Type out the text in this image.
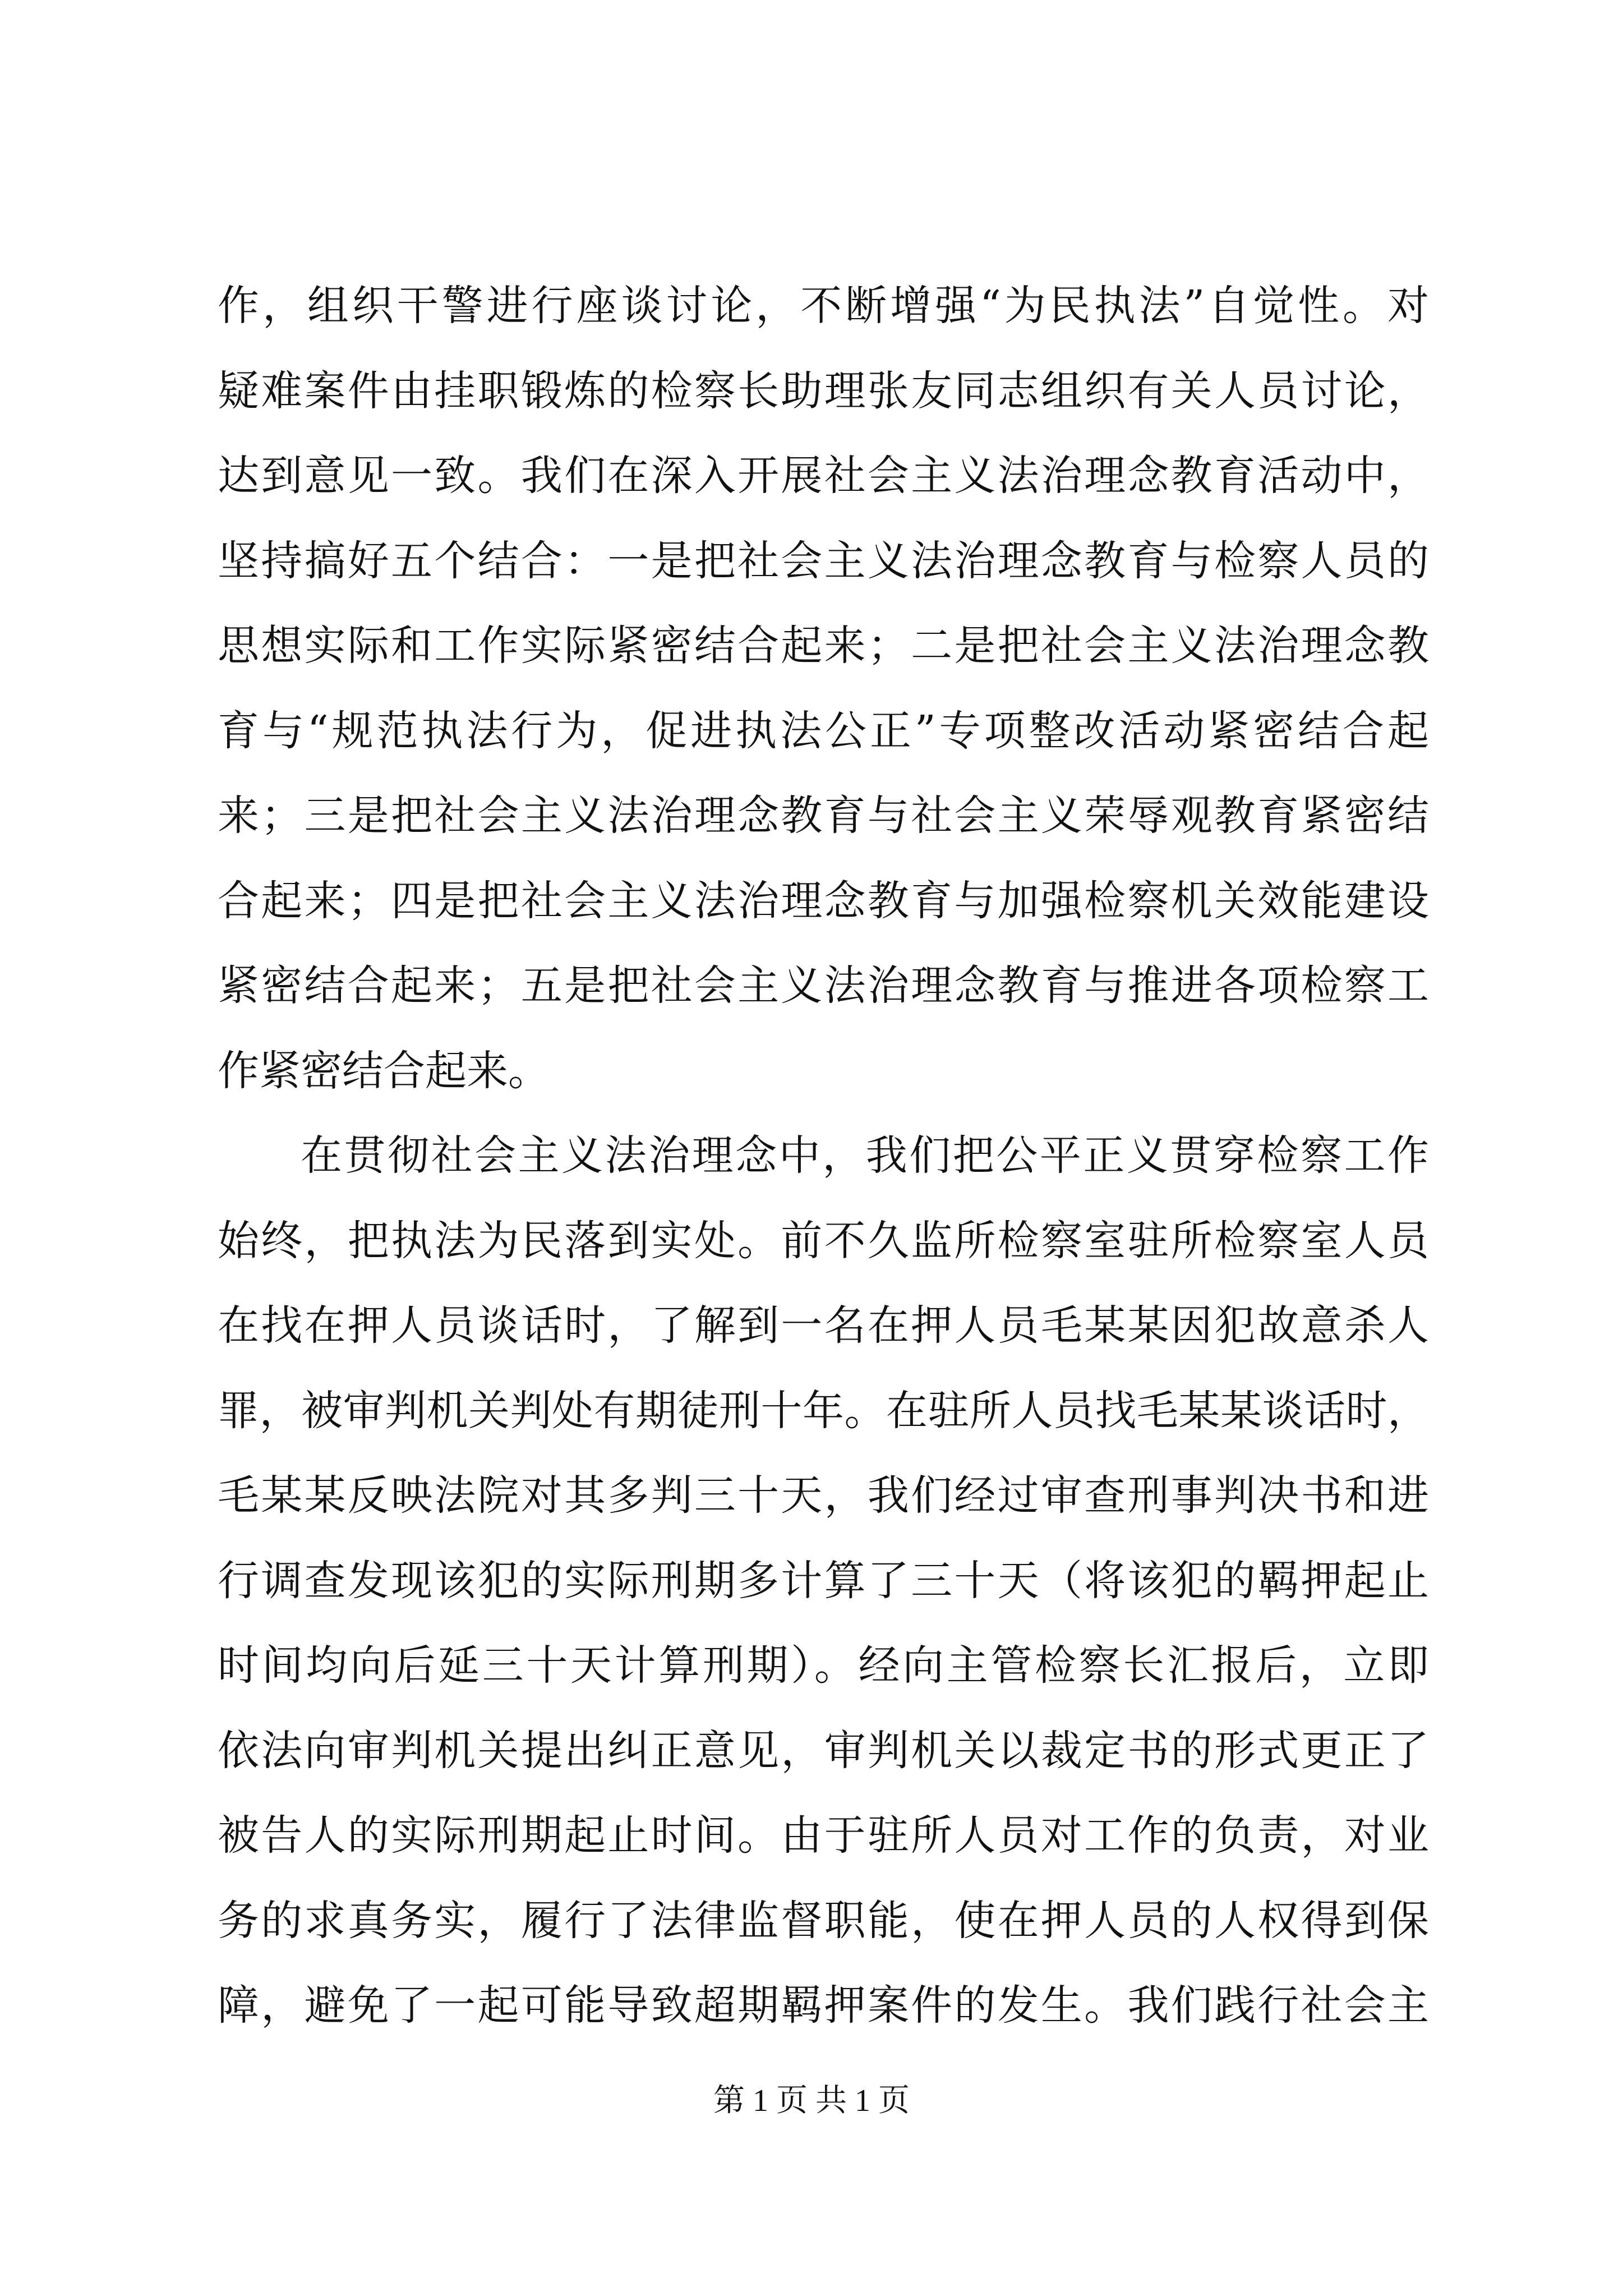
作，组织干警进行座谈讨论，不断增强“为民执法”自觉性。对
疑难案件由挂职锻炼的检察长助理张友同志组织有关人员讨论，
达到意见一致。我们在深入开展社会主义法治理念教育活动中，
坚持搞好五个结合：一是把社会主义法治理念教育与检察人员的
思想实际和工作实际紧密结合起来；二是把社会主义法治理念教
育与“规范执法行为，促进执法公正”专项整改活动紧密结合起
来；三是把社会主义法治理念教育与社会主义荣辱观教育紧密结
合起来；四是把社会主义法治理念教育与加强检察机关效能建设
紧密结合起来；五是把社会主义法治理念教育与推进各项检察工
作紧密结合起来。
在贯彻社会主义法治理念中，我们把公平正义贯穿检察工作
始终，把执法为民落到实处。前不久监所检察室驻所检察室人员
在找在押人员谈话时，了解到一名在押人员毛某某因犯故意杀人
罪，被审判机关判处有期徒刑十年。在驻所人员找毛某某谈话时，
毛某某反映法院对其多判三十天，我们经过审查刑事判决书和进
行调查发现该犯的实际刑期多计算了三十天（将该犯的羁押起止
时间均向后延三十天计算刑期）。经向主管检察长汇报后，立即
依法向审判机关提出纠正意见，审判机关以裁定书的形式更正了
被告人的实际刑期起止时间。由于驻所人员对工作的负责，对业
务的求真务实，履行了法律监督职能，使在押人员的人权得到保
障，避免了一起可能导致超期羁押案件的发生。我们践行社会主
第 1 页 共 1 页
